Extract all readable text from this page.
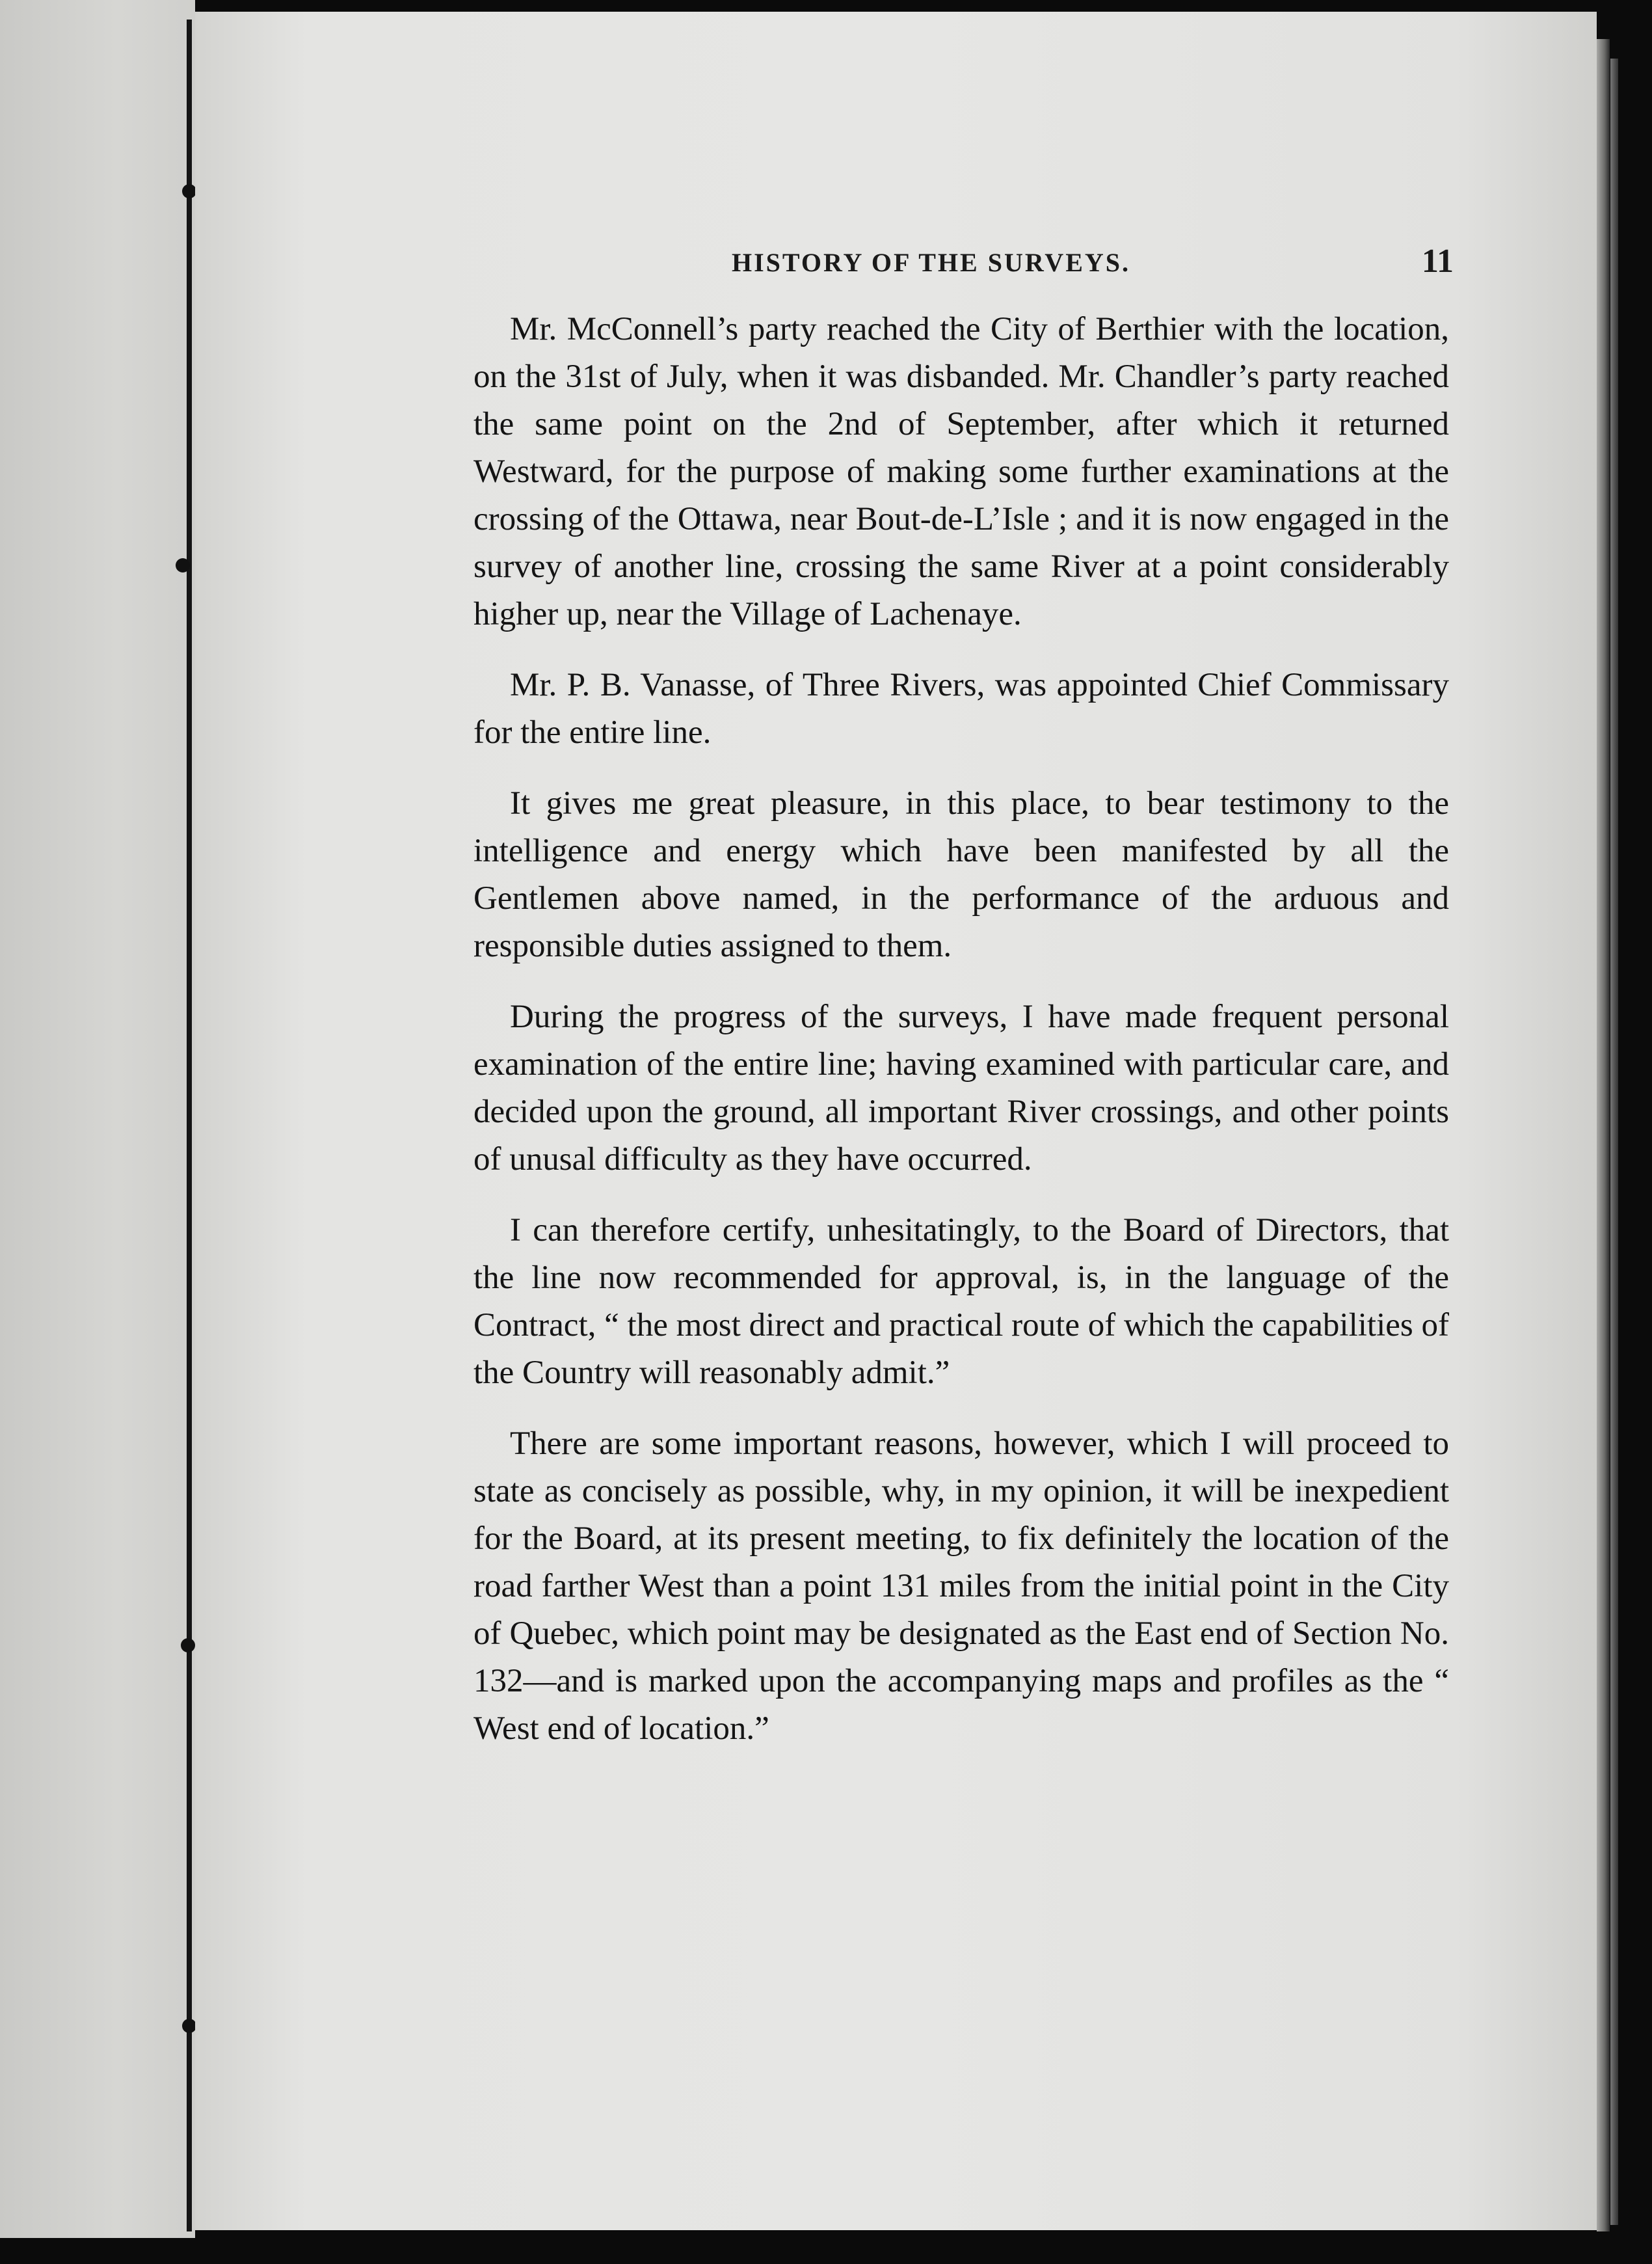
HISTORY OF THE SURVEYS.	11

Mr. McConnell’s party reached the City of Berthier with the location, on the 31st of July, when it was disbanded. Mr. Chandler’s party reached the same point on the 2nd of September, after which it returned Westward, for the purpose of making some further examinations at the crossing of the Ottawa, near Bout-de-L’Isle ; and it is now engaged in the survey of another line, crossing the same River at a point considerably higher up, near the Village of Lachenaye.

Mr. P. B. Vanasse, of Three Rivers, was appointed Chief Commissary for the entire line.

It gives me great pleasure, in this place, to bear testimony to the intelligence and energy which have been manifested by all the Gentlemen above named, in the performance of the arduous and responsible duties assigned to them.

During the progress of the surveys, I have made frequent personal examination of the entire line; having examined with particular care, and decided upon the ground, all important River crossings, and other points of unusal difficulty as they have occurred.

I can therefore certify, unhesitatingly, to the Board of Directors, that the line now recommended for approval, is, in the language of the Contract, “ the most direct and practical route of which the capabilities of the Country will reasonably admit.”

There are some important reasons, however, which I will proceed to state as concisely as possible, why, in my opinion, it will be inexpedient for the Board, at its present meeting, to fix definitely the location of the road farther West than a point 131 miles from the initial point in the City of Quebec, which point may be designated as the East end of Section No. 132—and is marked upon the accompanying maps and profiles as the “ West end of location.”
